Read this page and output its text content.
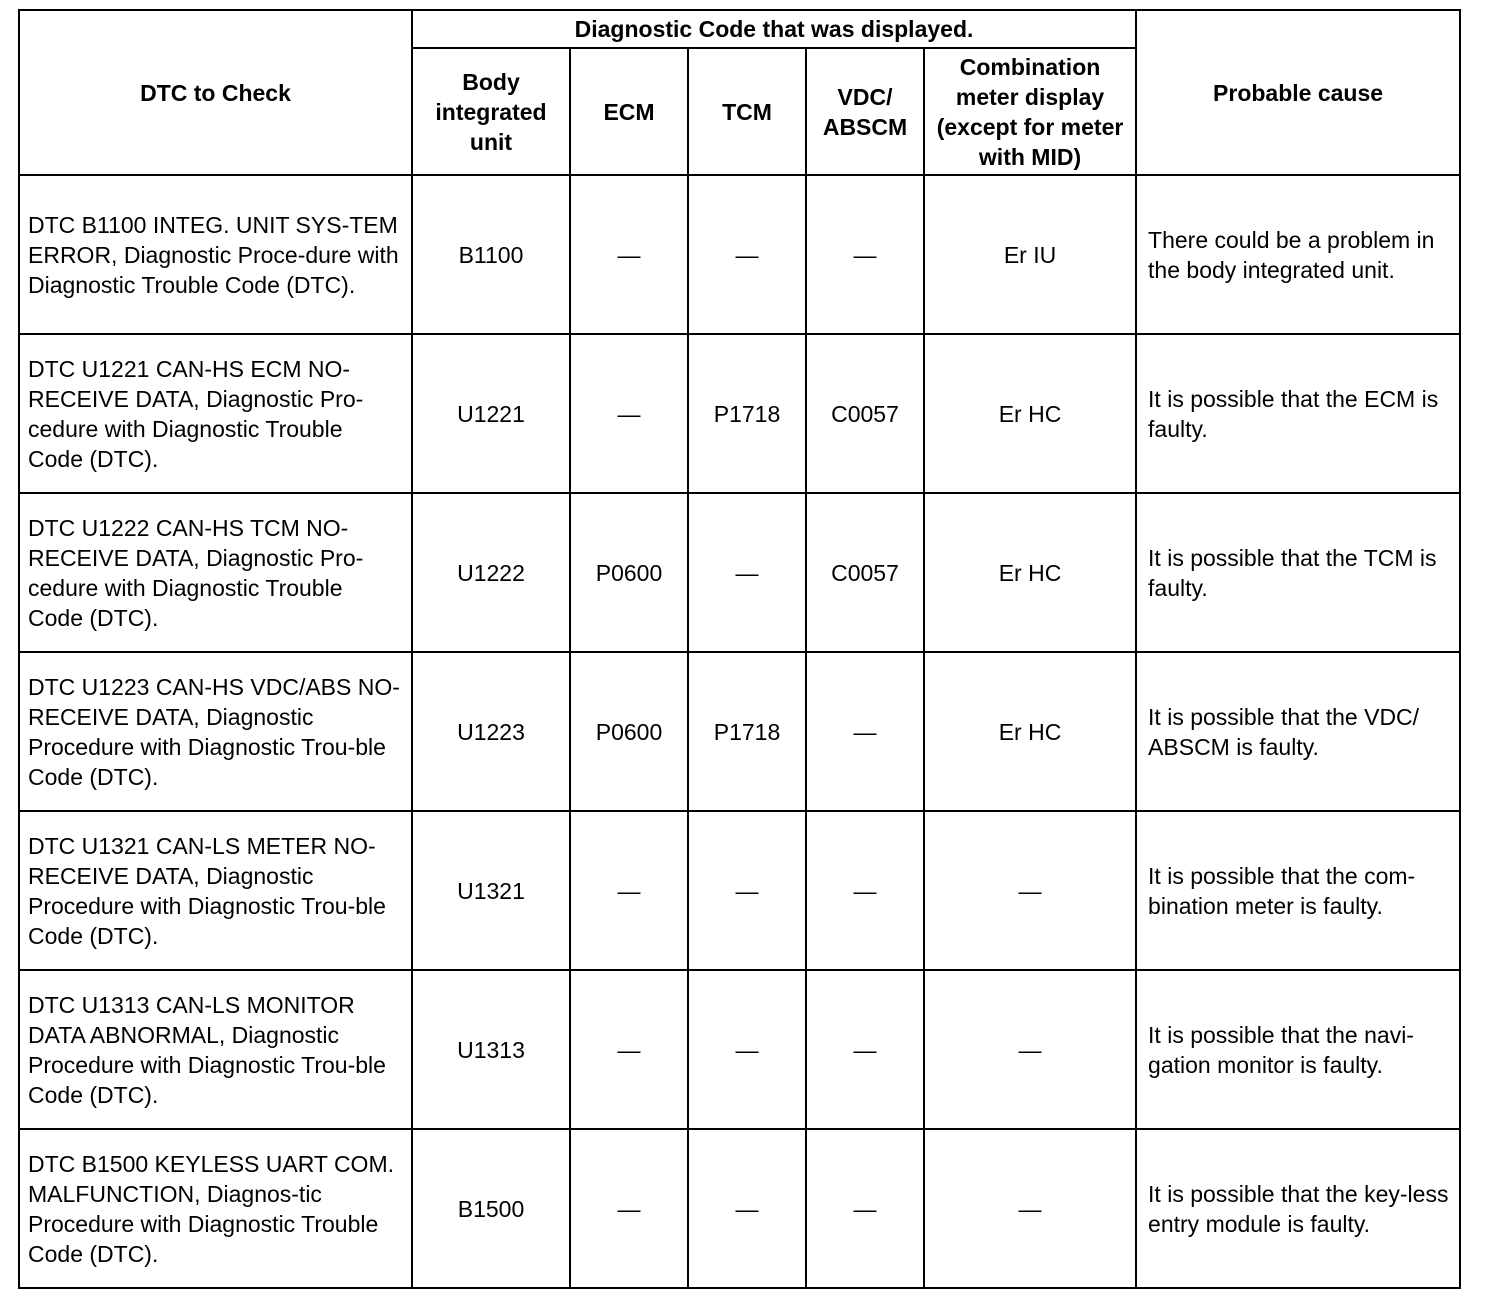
DTC to Check	Diagnostic Code that was displayed.					Probable cause
	Body integrated unit	ECM	TCM	VDC/ ABSCM	Combination meter display (except for meter with MID)	
DTC B1100 INTEG. UNIT SYS-TEM ERROR, Diagnostic Proce-dure with Diagnostic Trouble Code (DTC).	B1100	—	—	—	Er IU	There could be a problem in the body integrated unit.
DTC U1221 CAN-HS ECM NO-RECEIVE DATA, Diagnostic Pro-cedure with Diagnostic Trouble Code (DTC).	U1221	—	P1718	C0057	Er HC	It is possible that the ECM is faulty.
DTC U1222 CAN-HS TCM NO-RECEIVE DATA, Diagnostic Pro-cedure with Diagnostic Trouble Code (DTC).	U1222	P0600	—	C0057	Er HC	It is possible that the TCM is faulty.
DTC U1223 CAN-HS VDC/ABS NO-RECEIVE DATA, Diagnostic Procedure with Diagnostic Trou-ble Code (DTC).	U1223	P0600	P1718	—	Er HC	It is possible that the VDC/ ABSCM is faulty.
DTC U1321 CAN-LS METER NO-RECEIVE DATA, Diagnostic Procedure with Diagnostic Trou-ble Code (DTC).	U1321	—	—	—	—	It is possible that the com-bination meter is faulty.
DTC U1313 CAN-LS MONITOR DATA ABNORMAL, Diagnostic Procedure with Diagnostic Trou-ble Code (DTC).	U1313	—	—	—	—	It is possible that the navi-gation monitor is faulty.
DTC B1500 KEYLESS UART COM. MALFUNCTION, Diagnos-tic Procedure with Diagnostic Trouble Code (DTC).	B1500	—	—	—	—	It is possible that the key-less entry module is faulty.
